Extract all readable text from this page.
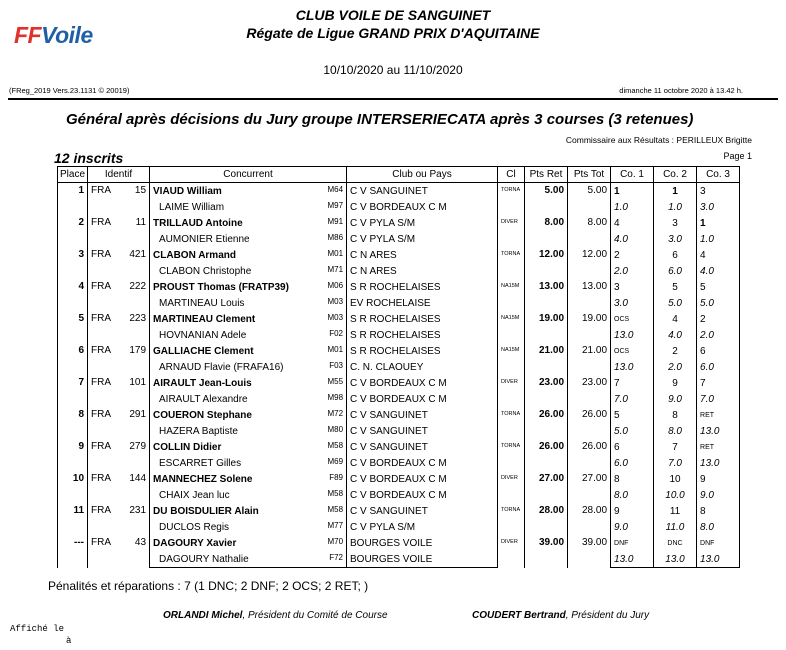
FFVoile
CLUB VOILE DE SANGUINET
Régate de Ligue GRAND PRIX D'AQUITAINE
10/10/2020 au 11/10/2020
(FReg_2019 Vers.23.1131 © 20019)	dimanche 11 octobre 2020 à 13.42 h.
Général après décisions du Jury groupe INTERSERIECATA après 3 courses (3 retenues)
Commissaire aux Résultats : PERILLEUX Brigitte
Page 1
12 inscrits
Place	Identif	Concurrent	Club ou Pays	Cl	Pts Ret	Pts Tot	Co. 1	Co. 2	Co. 3
1	FRA 15	VIAUD William M64	C V SANGUINET	TORNA	5.00	5.00	1	1	3
		LAIME William M97	C V BORDEAUX C M				1.0	1.0	3.0
2	FRA 11	TRILLAUD Antoine M91	C V PYLA S/M	DIVER	8.00	8.00	4	3	1
		AUMONIER Etienne M86	C V PYLA S/M				4.0	3.0	1.0
3	FRA 421	CLABON Armand M01	C N ARES	TORNA	12.00	12.00	2	6	4
		CLABON Christophe M71	C N ARES				2.0	6.0	4.0
4	FRA 222	PROUST Thomas (FRATP39) M06	S R ROCHELAISES	NA15M	13.00	13.00	3	5	5
		MARTINEAU Louis M03	EV ROCHELAISE				3.0	5.0	5.0
5	FRA 223	MARTINEAU Clement M03	S R ROCHELAISES	NA15M	19.00	19.00	OCS	4	2
		HOVNANIAN Adele F02	S R ROCHELAISES				13.0	4.0	2.0
6	FRA 179	GALLIACHE Clement M01	S R ROCHELAISES	NA15M	21.00	21.00	OCS	2	6
		ARNAUD Flavie (FRAFA16) F03	C. N. CLAOUEY				13.0	2.0	6.0
7	FRA 101	AIRAULT Jean-Louis M55	C V BORDEAUX C M	DIVER	23.00	23.00	7	9	7
		AIRAULT Alexandre M98	C V BORDEAUX C M				7.0	9.0	7.0
8	FRA 291	COUERON Stephane M72	C V SANGUINET	TORNA	26.00	26.00	5	8	RET
		HAZERA Baptiste M80	C V SANGUINET				5.0	8.0	13.0
9	FRA 279	COLLIN Didier M58	C V SANGUINET	TORNA	26.00	26.00	6	7	RET
		ESCARRET Gilles M69	C V BORDEAUX C M				6.0	7.0	13.0
10	FRA 144	MANNECHEZ Solene F89	C V BORDEAUX C M	DIVER	27.00	27.00	8	10	9
		CHAIX Jean luc M58	C V BORDEAUX C M				8.0	10.0	9.0
11	FRA 231	DU BOISDULIER Alain M58	C V SANGUINET	TORNA	28.00	28.00	9	11	8
		DUCLOS Regis M77	C V PYLA S/M				9.0	11.0	8.0
---	FRA 43	DAGOURY Xavier M70	BOURGES VOILE	DIVER	39.00	39.00	DNF	DNC	DNF
		DAGOURY Nathalie F72	BOURGES VOILE				13.0	13.0	13.0
Pénalités et réparations : 7 (1 DNC; 2 DNF; 2 OCS; 2 RET; )
ORLANDI Michel, Président du Comité de Course	COUDERT Bertrand, Président du Jury
Affiché le
à
